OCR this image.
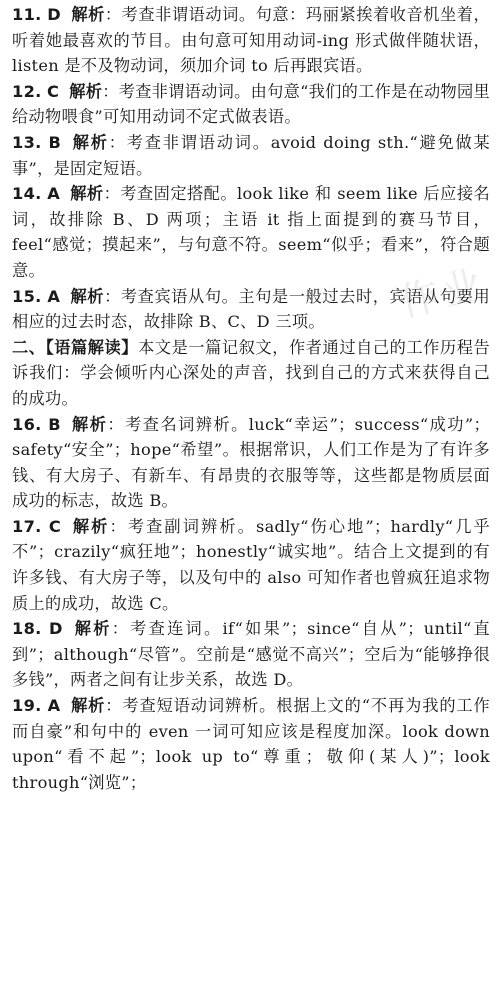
11. D 解析：考查非谓语动词。句意：玛丽紧挨着收音机坐着，听着她最喜欢的节目。由句意可知用动词-ing 形式做伴随状语，listen 是不及物动词，须加介词 to 后再跟宾语。

12. C 解析：考查非谓语动词。由句意“我们的工作是在动物园里给动物喂食”可知用动词不定式做表语。

13. B 解析：考查非谓语动词。avoid doing sth.“避免做某事”，是固定短语。

14. A 解析：考查固定搭配。look like 和 seem like 后应接名词，故排除 B、D 两项；主语 it 指上面提到的赛马节目，feel“感觉；摸起来”，与句意不符。seem“似乎；看来”，符合题意。

15. A 解析：考查宾语从句。主句是一般过去时，宾语从句要用相应的过去时态，故排除 B、C、D 三项。

二、【语篇解读】本文是一篇记叙文，作者通过自己的工作历程告诉我们：学会倾听内心深处的声音，找到自己的方式来获得自己的成功。

16. B 解析：考查名词辨析。luck“幸运”；success“成功”；safety“安全”；hope“希望”。根据常识，人们工作是为了有许多钱、有大房子、有新车、有昂贵的衣服等等，这些都是物质层面成功的标志，故选 B。

17. C 解析：考查副词辨析。sadly“伤心地”；hardly“几乎不”；crazily“疯狂地”；honestly“诚实地”。结合上文提到的有许多钱、有大房子等，以及句中的 also 可知作者也曾疯狂追求物质上的成功，故选 C。

18. D 解析：考查连词。if“如果”；since“自从”；until“直到”；although“尽管”。空前是“感觉不高兴”；空后为“能够挣很多钱”，两者之间有让步关系，故选 D。

19. A 解析：考查短语动词辨析。根据上文的“不再为我的工作而自豪”和句中的 even 一词可知应该是程度加深。look down upon“看不起”；look up to“尊重；敬仰(某人)”；look through“浏览”；

作业
